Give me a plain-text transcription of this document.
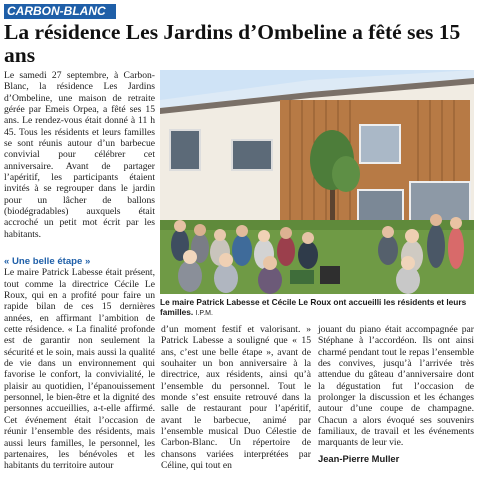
CARBON-BLANC
La résidence Les Jardins d’Ombeline a fêté ses 15 ans

Le samedi 27 septembre, à Carbon-Blanc, la résidence Les Jardins d’Ombeline, une maison de retraite gérée par Emeis Orpea, a fêté ses 15 ans. Le rendez-vous était donné à 11 h 45. Tous les résidents et leurs familles se sont réunis autour d’un barbecue convivial pour célébrer cet anniversaire. Avant de partager l’apéritif, les participants étaient invités à se regrouper dans le jardin pour un lâcher de ballons (biodégradables) auxquels était accroché un petit mot écrit par les habitants.

« Une belle étape »

Le maire Patrick Labesse était présent, tout comme la directrice Cécile Le Roux, qui en a profité pour faire un rapide bilan de ces 15 dernières années, en affirmant l’ambition de cette résidence. « La finalité profonde est de garantir non seulement la sécurité et le soin, mais aussi la qualité de vie dans un environnement qui favorise le confort, la convivialité, le plaisir au quotidien, l’épanouissement personnel, le bien-être et la dignité des personnes accueillies, a-t-elle affirmé. Cet événement était l’occasion de réunir l’ensemble des résidents, mais aussi leurs familles, le personnel, les partenaires, les bénévoles et les habitants du territoire autour

Le maire Patrick Labesse et Cécile Le Roux ont accueilli les résidents et leurs familles. I.P.M.

d’un moment festif et valorisant. » Patrick Labesse a souligné que « 15 ans, c’est une belle étape », avant de souhaiter un bon anniversaire à la directrice, aux résidents, ainsi qu’à l’ensemble du personnel. Tout le monde s’est ensuite retrouvé dans la salle de restaurant pour l’apéritif, avant le barbecue, animé par l’ensemble musical Duo Célestie de Carbon-Blanc. Un répertoire de chansons variées interprétées par Céline, qui tout en

jouant du piano était accompagnée par Stéphane à l’accordéon. Ils ont ainsi charmé pendant tout le repas l’ensemble des convives, jusqu’à l’arrivée très attendue du gâteau d’anniversaire dont la dégustation fut l’occasion de prolonger la discussion et les échanges autour d’une coupe de champagne. Chacun a alors évoqué ses souvenirs familiaux, de travail et les événements marquants de leur vie.

Jean-Pierre Muller
